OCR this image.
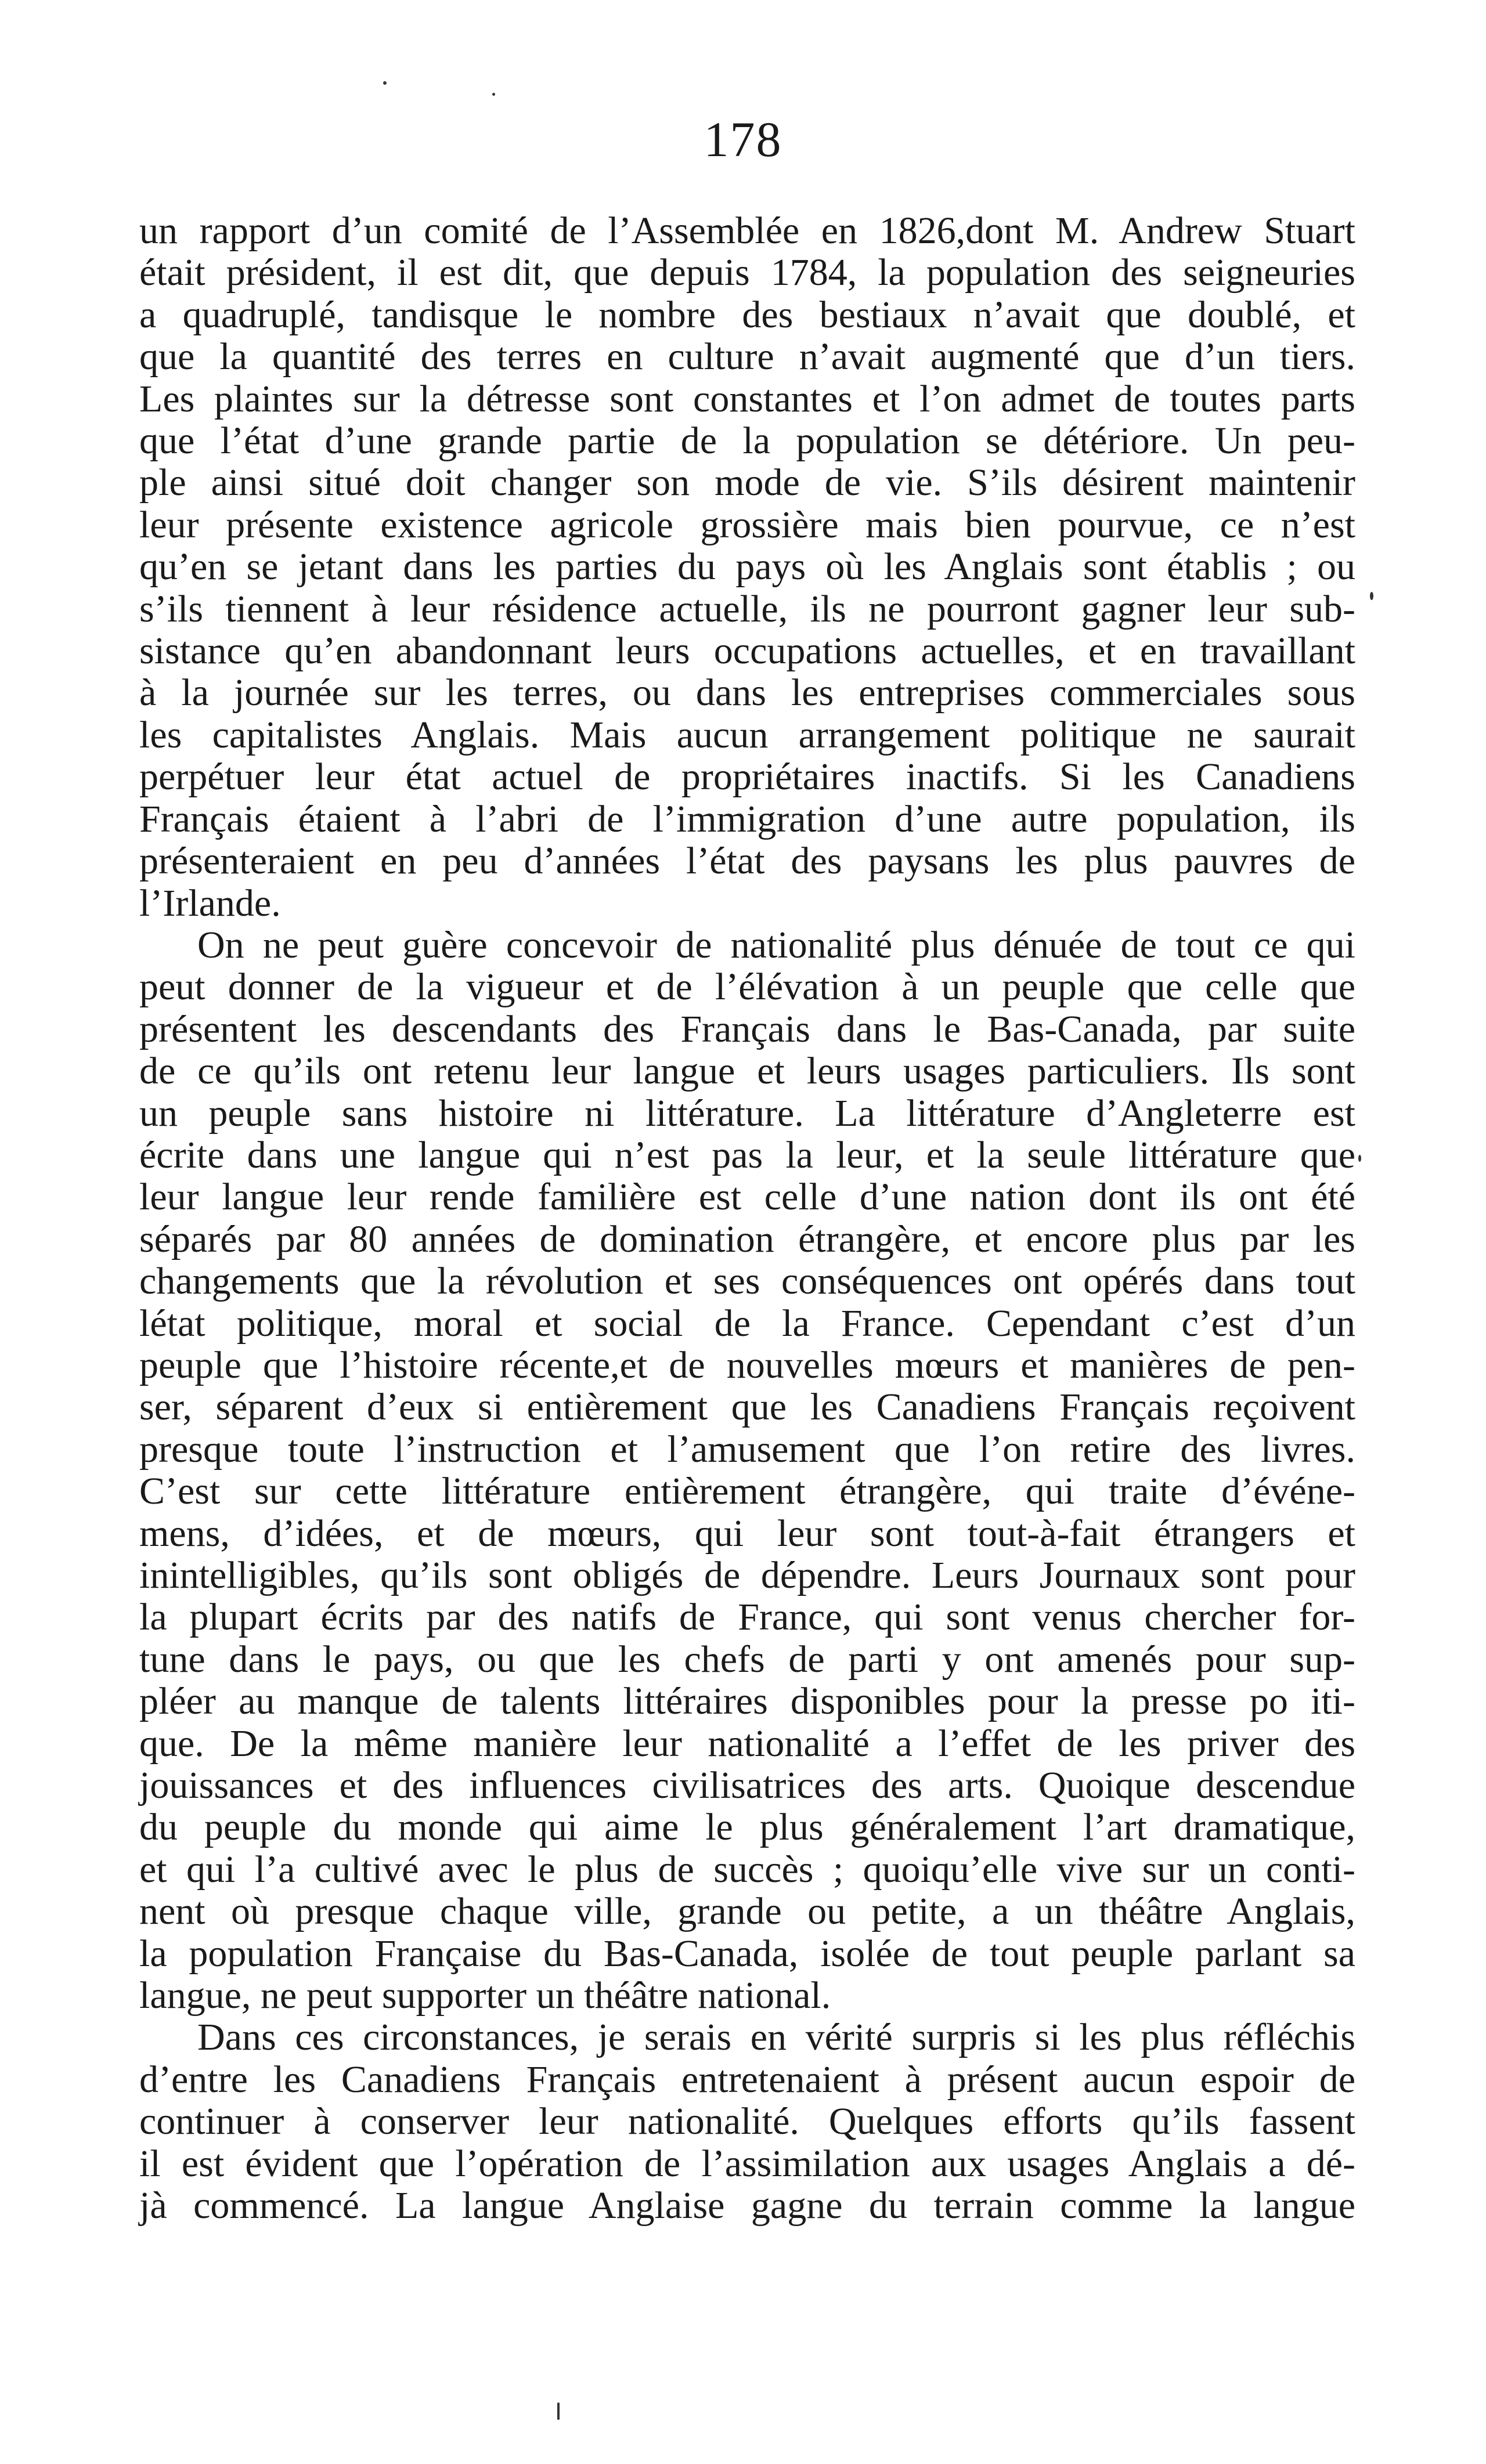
178
un rapport d’un comité de l’Assemblée en 1826,dont M. Andrew Stuart
était président, il est dit, que depuis 1784, la population des seigneuries
a quadruplé, tandisque le nombre des bestiaux n’avait que doublé, et
que la quantité des terres en culture n’avait augmenté que d’un tiers.
Les plaintes sur la détresse sont constantes et l’on admet de toutes parts
que l’état d’une grande partie de la population se détériore. Un peu-
ple ainsi situé doit changer son mode de vie. S’ils désirent maintenir
leur présente existence agricole grossière mais bien pourvue, ce n’est
qu’en se jetant dans les parties du pays où les Anglais sont établis ; ou
s’ils tiennent à leur résidence actuelle, ils ne pourront gagner leur sub-
sistance qu’en abandonnant leurs occupations actuelles, et en travaillant
à la journée sur les terres, ou dans les entreprises commerciales sous
les capitalistes Anglais. Mais aucun arrangement politique ne saurait
perpétuer leur état actuel de propriétaires inactifs. Si les Canadiens
Français étaient à l’abri de l’immigration d’une autre population, ils
présenteraient en peu d’années l’état des paysans les plus pauvres de
l’Irlande.
On ne peut guère concevoir de nationalité plus dénuée de tout ce qui
peut donner de la vigueur et de l’élévation à un peuple que celle que
présentent les descendants des Français dans le Bas-Canada, par suite
de ce qu’ils ont retenu leur langue et leurs usages particuliers. Ils sont
un peuple sans histoire ni littérature. La littérature d’Angleterre est
écrite dans une langue qui n’est pas la leur, et la seule littérature que
leur langue leur rende familière est celle d’une nation dont ils ont été
séparés par 80 années de domination étrangère, et encore plus par les
changements que la révolution et ses conséquences ont opérés dans tout
létat politique, moral et social de la France. Cependant c’est d’un
peuple que l’histoire récente,et de nouvelles mœurs et manières de pen-
ser, séparent d’eux si entièrement que les Canadiens Français reçoivent
presque toute l’instruction et l’amusement que l’on retire des livres.
C’est sur cette littérature entièrement étrangère, qui traite d’événe-
mens, d’idées, et de mœurs, qui leur sont tout-à-fait étrangers et
inintelligibles, qu’ils sont obligés de dépendre. Leurs Journaux sont pour
la plupart écrits par des natifs de France, qui sont venus chercher for-
tune dans le pays, ou que les chefs de parti y ont amenés pour sup-
pléer au manque de talents littéraires disponibles pour la presse po iti-
que. De la même manière leur nationalité a l’effet de les priver des
jouissances et des influences civilisatrices des arts. Quoique descendue
du peuple du monde qui aime le plus généralement l’art dramatique,
et qui l’a cultivé avec le plus de succès ; quoiqu’elle vive sur un conti-
nent où presque chaque ville, grande ou petite, a un théâtre Anglais,
la population Française du Bas-Canada, isolée de tout peuple parlant sa
langue, ne peut supporter un théâtre national.
Dans ces circonstances, je serais en vérité surpris si les plus réfléchis
d’entre les Canadiens Français entretenaient à présent aucun espoir de
continuer à conserver leur nationalité. Quelques efforts qu’ils fassent
il est évident que l’opération de l’assimilation aux usages Anglais a dé-
jà commencé. La langue Anglaise gagne du terrain comme la langue
